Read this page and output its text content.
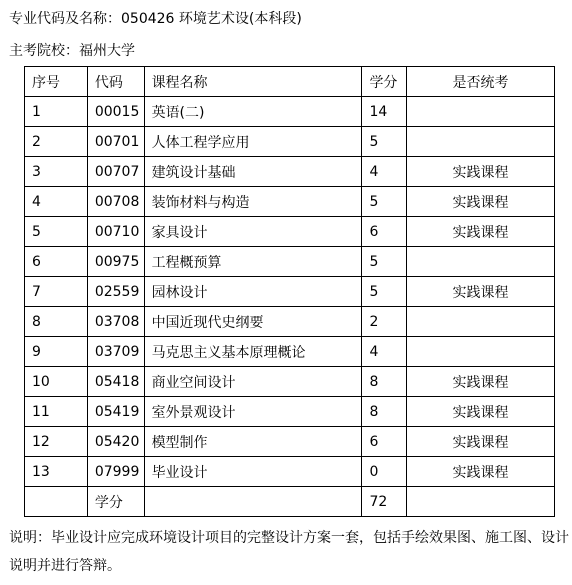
专业代码及名称：050426 环境艺术设(本科段)
主考院校：福州大学
序号	代码	课程名称	学分	是否统考
1	00015	英语(二)	14	
2	00701	人体工程学应用	5	
3	00707	建筑设计基础	4	实践课程
4	00708	装饰材料与构造	5	实践课程
5	00710	家具设计	6	实践课程
6	00975	工程概预算	5	
7	02559	园林设计	5	实践课程
8	03708	中国近现代史纲要	2	
9	03709	马克思主义基本原理概论	4	
10	05418	商业空间设计	8	实践课程
11	05419	室外景观设计	8	实践课程
12	05420	模型制作	6	实践课程
13	07999	毕业设计	0	实践课程
	学分		72	
说明：毕业设计应完成环境设计项目的完整设计方案一套，包括手绘效果图、施工图、设计说明并进行答辩。
